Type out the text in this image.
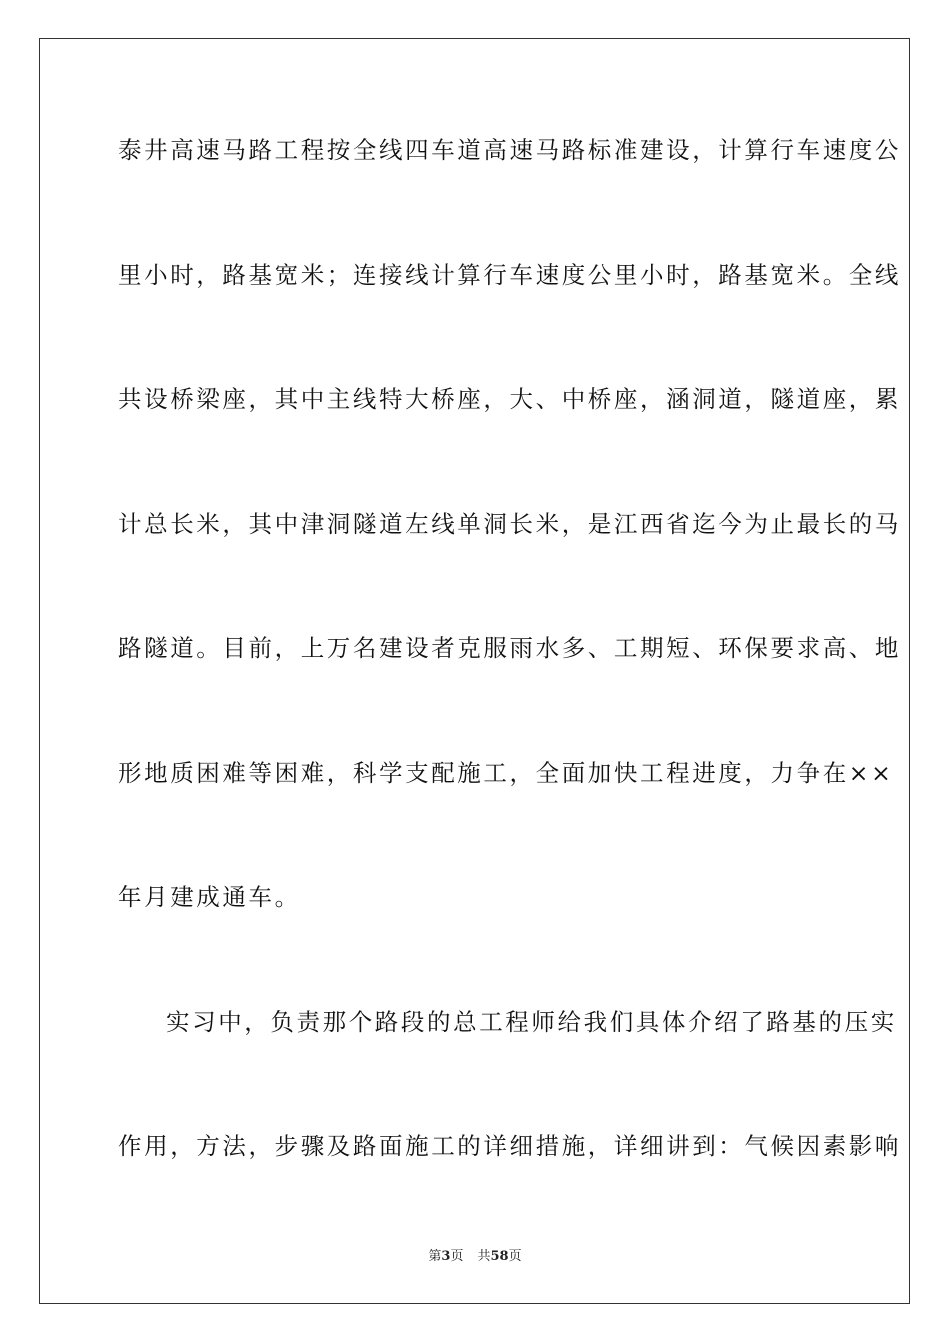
泰井高速马路工程按全线四车道高速马路标准建设，计算行车速度公
里小时，路基宽米；连接线计算行车速度公里小时，路基宽米。全线
共设桥梁座，其中主线特大桥座，大、中桥座，涵洞道，隧道座，累
计总长米，其中津洞隧道左线单洞长米，是江西省迄今为止最长的马
路隧道。目前，上万名建设者克服雨水多、工期短、环保要求高、地
形地质困难等困难，科学支配施工，全面加快工程进度，力争在××
年月建成通车。
实习中，负责那个路段的总工程师给我们具体介绍了路基的压实
作用，方法，步骤及路面施工的详细措施，详细讲到：气候因素影响
第3页 共58页
